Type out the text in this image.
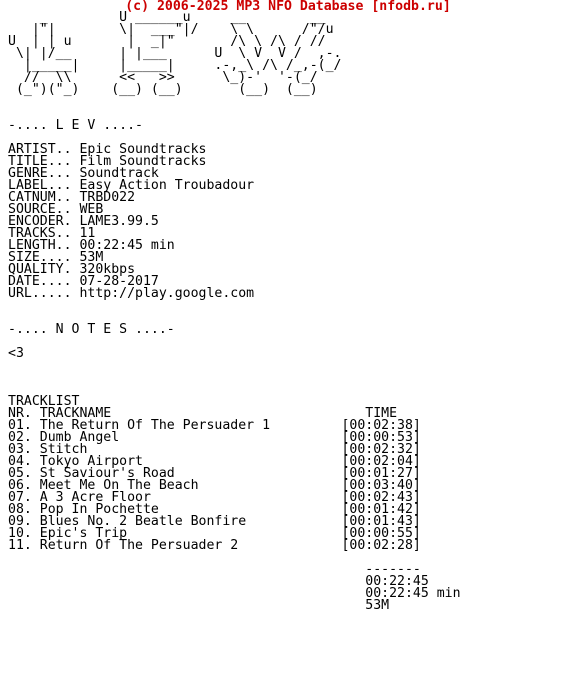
(c) 2006-2025 MP3 NFO Database [nfodb.ru]
_         U ______u     __        __
|"|        \|  ___"|/    \ \      /"/u
U  | | u       |  _|"       /\ \ /\ / //
\| |/__      | |___      U  \ V  V /  ,-.
|_____|     |_____|     .-,_\ /\ /_,-(_/
//  \\      <<   >>      \_)-'  '-(_/
(_")("_)    (__) (__)       (__)  (__)

-.... L E V ....-

ARTIST.. Epic Soundtracks
TITLE... Film Soundtracks
GENRE... Soundtrack
LABEL... Easy Action Troubadour
CATNUM.. TRBD022
SOURCE.. WEB
ENCODER. LAME3.99.5
TRACKS.. 11
LENGTH.. 00:22:45 min
SIZE.... 53M
QUALITY. 320kbps
DATE.... 07-28-2017
URL..... http://play.google.com

-.... N O T E S ....-

<3

TRACKLIST
NR. TRACKNAME                                TIME
01. The Return Of The Persuader 1         [00:02:38]
02. Dumb Angel                            [00:00:53]
03. Stitch                                [00:02:32]
04. Tokyo Airport                         [00:02:04]
05. St Saviour's Road                     [00:01:27]
06. Meet Me On The Beach                  [00:03:40]
07. A 3 Acre Floor                        [00:02:43]
08. Pop In Pochette                       [00:01:42]
09. Blues No. 2 Beatle Bonfire            [00:01:43]
10. Epic's Trip                           [00:00:55]
11. Return Of The Persuader 2             [00:02:28]

-------
00:22:45
00:22:45 min
53M
